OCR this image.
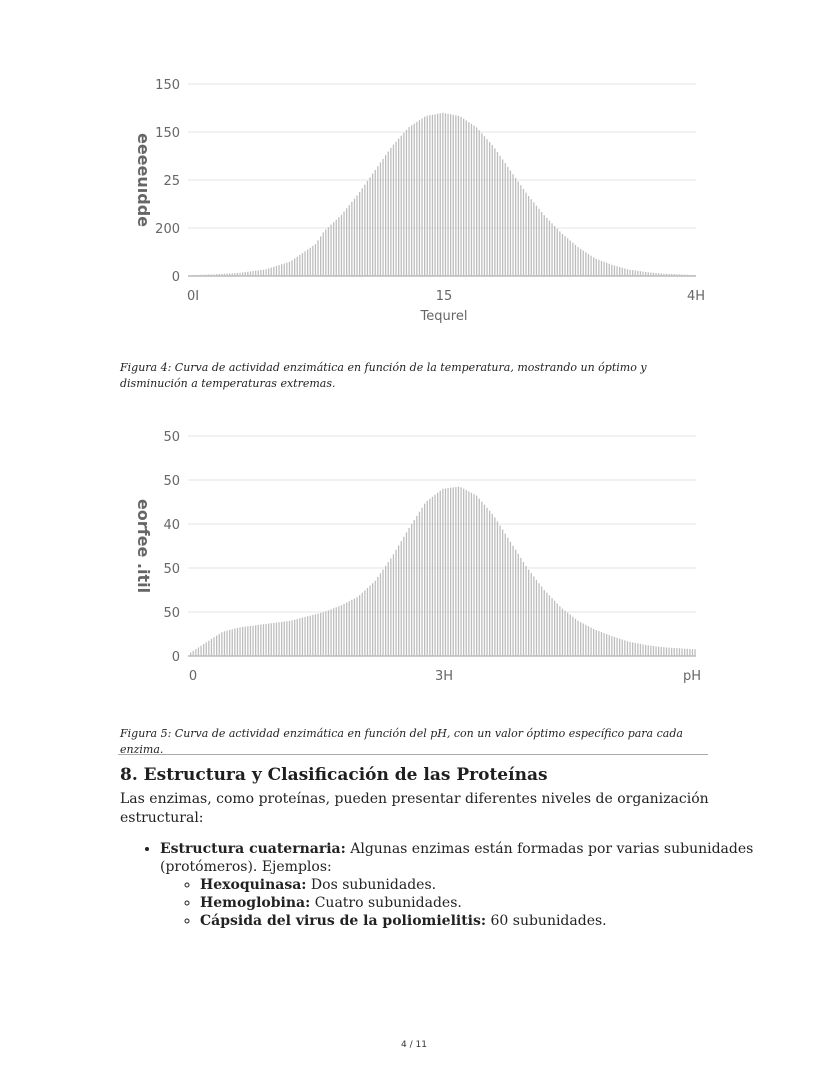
0
200
25
150
150
0I	15	4H
Tequrel
eeeeuıdde
Figura 4: Curva de actividad enzimática en función de la temperatura, mostrando un óptimo y disminución a temperaturas extremas.
0
50
50
40
50
50
0	3H	pH
eorfee .itil
Figura 5: Curva de actividad enzimática en función del pH, con un valor óptimo específico para cada enzima.
8. Estructura y Clasificación de las Proteínas

Las enzimas, como proteínas, pueden presentar diferentes niveles de organización estructural:

• Estructura cuaternaria: Algunas enzimas están formadas por varias subunidades (protómeros). Ejemplos:
◦ Hexoquinasa: Dos subunidades.
◦ Hemoglobina: Cuatro subunidades.
◦ Cápsida del virus de la poliomielitis: 60 subunidades.
4 / 11
